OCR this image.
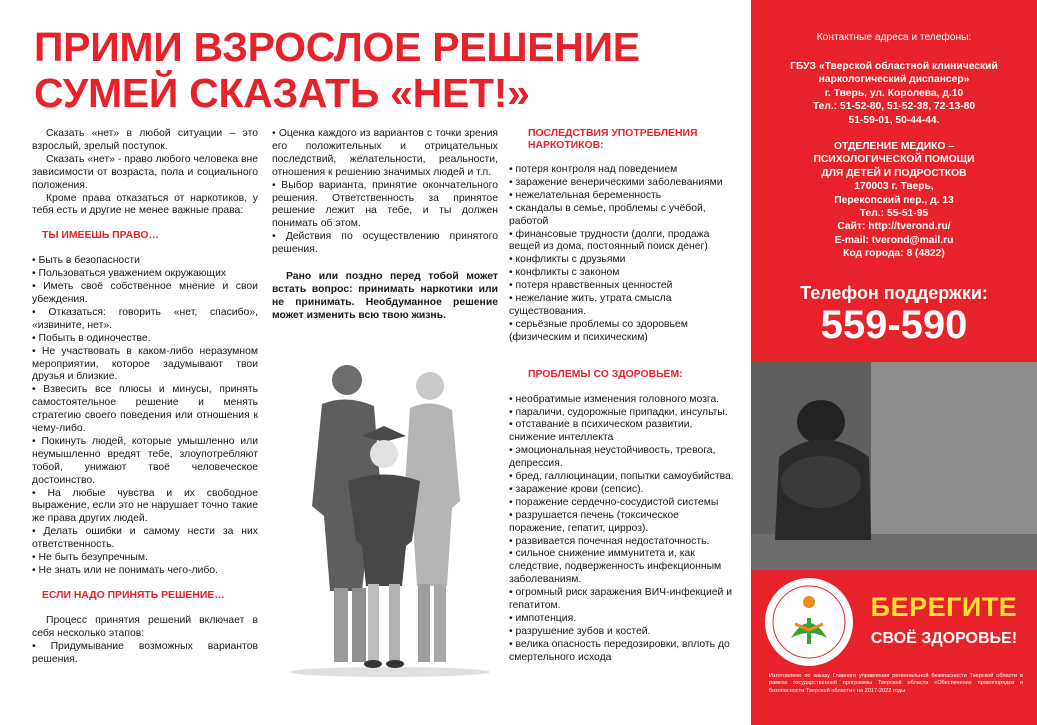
ПРИМИ ВЗРОСЛОЕ РЕШЕНИЕ
СУМЕЙ СКАЗАТЬ «НЕТ!»

Сказать «нет» в любой ситуации – это взрослый, зрелый поступок.

Сказать «нет» - право любого человека вне зависимости от возраста, пола и социального положения.

Кроме права отказаться от наркотиков, у тебя есть и другие не менее важные права:

ТЫ ИМЕЕШЬ ПРАВО…

• Быть в безопасности

• Пользоваться уважением окружающих

• Иметь своё собственное мнение и свои убеждения.

• Отказаться: говорить «нет, спасибо», «извините, нет».

• Побыть в одиночестве.

• Не участвовать в каком-либо неразумном мероприятии, которое задумывают твои друзья и близкие.

• Взвесить все плюсы и минусы, принять самостоятельное решение и менять стратегию своего поведения или отношения к чему-либо.

• Покинуть людей, которые умышленно или неумышленно вредят тебе, злоупотребляют тобой, унижают твоё человеческое достоинство.

• На любые чувства и их свободное выражение, если это не нарушает точно такие же права других людей.

• Делать ошибки и самому нести за них ответственность.

• Не быть безупречным.

• Не знать или не понимать чего-либо.

ЕСЛИ НАДО ПРИНЯТЬ РЕШЕНИЕ…

Процесс принятия решений включает в себя несколько этапов:

• Придумывание возможных вариантов решения.

• Оценка каждого из вариантов с точки зрения его положительных и отрицательных последствий, желательности, реальности, отношения к решению значимых людей и т.п.

• Выбор варианта, принятие окончательного решения. Ответственность за принятое решение лежит на тебе, и ты должен понимать об этом.

• Действия по осуществлению принятого решения.

Рано или поздно перед тобой может встать вопрос: принимать наркотики или не принимать. Необдуманное решение может изменить всю твою жизнь.

ПОСЛЕДСТВИЯ УПОТРЕБЛЕНИЯ НАРКОТИКОВ:

• потеря контроля над поведением

• заражение венерическими заболеваниями

• нежелательная беременность

• скандалы в семье, проблемы с учёбой, работой

• финансовые трудности (долги, продажа вещей из дома, постоянный поиск денег)

• конфликты с друзьями

• конфликты с законом

• потеря нравственных ценностей

• нежелание жить, утрата смысла существования.

• серьёзные проблемы со здоровьем (физическим и психическим)

ПРОБЛЕМЫ СО ЗДОРОВЬЕМ:

• необратимые изменения головного мозга.

• параличи, судорожные припадки, инсульты.

• отставание в психическом развитии, снижение интеллекта

• эмоциональная неустойчивость, тревога, депрессия.

• бред, галлюцинации, попытки самоубийства.

• заражение крови (сепсис).

• поражение сердечно-сосудистой системы

• разрушается печень (токсическое поражение, гепатит, цирроз).

• развивается почечная недостаточность.

• сильное снижение иммунитета и, как следствие, подверженность инфекционным заболеваниям.

• огромный риск заражения ВИЧ-инфекцией и гепатитом.

• импотенция.

• разрушение зубов и костей.

• велика опасность передозировки, вплоть до смертельного исхода

Контактные адреса и телефоны:
ГБУЗ «Тверской областной клинический
наркологический диспансер»
г. Тверь, ул. Королева, д.10
Тел.: 51-52-80, 51-52-38, 72-13-80
51-59-01, 50-44-44.
ОТДЕЛЕНИЕ МЕДИКО –
ПСИХОЛОГИЧЕСКОЙ ПОМОЩИ
ДЛЯ ДЕТЕЙ И ПОДРОСТКОВ
170003 г. Тверь,
Перекопский пер., д. 13
Тел.: 55-51-95
Сайт: http://tverond.ru/
E-mail: tverond@mail.ru
Код города: 8 (4822)
Телефон поддержки:
559-590
БЕРЕГИТЕ
СВОЁ ЗДОРОВЬЕ!
Изготовлено по заказу Главного управления региональной безопасности Тверской области в рамках государственной программы Тверской области «Обеспечение правопорядка и безопасности Тверской области» на 2017-2022 годы
